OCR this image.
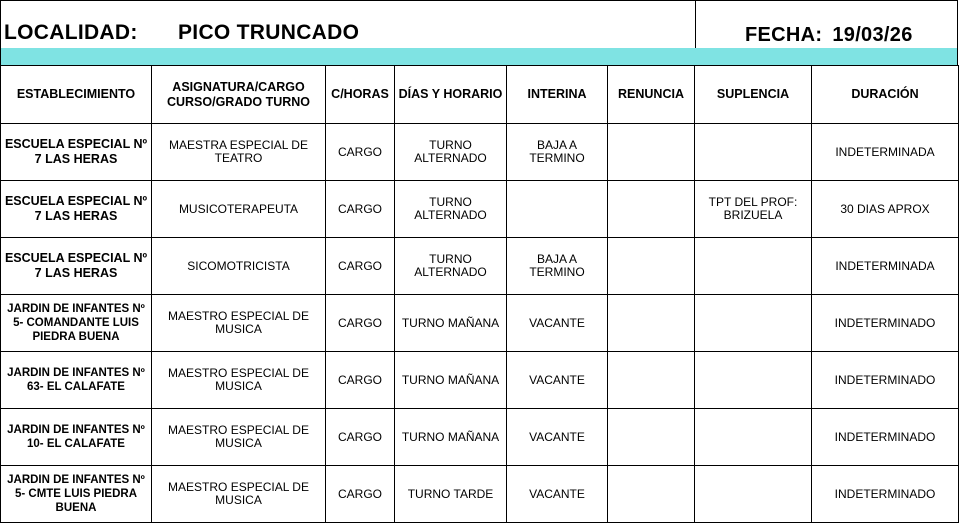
LOCALIDAD: PICO TRUNCADO	FECHA: 19/03/26
ESTABLECIMIENTO	ASIGNATURA/CARGO CURSO/GRADO TURNO	C/HORAS	DÍAS Y HORARIO	INTERINA	RENUNCIA	SUPLENCIA	DURACIÓN
ESCUELA ESPECIAL Nº 7 LAS HERAS	MAESTRA ESPECIAL DE TEATRO	CARGO	TURNO ALTERNADO	BAJA A TERMINO			INDETERMINADA
ESCUELA ESPECIAL Nº 7 LAS HERAS	MUSICOTERAPEUTA	CARGO	TURNO ALTERNADO			TPT DEL PROF: BRIZUELA	30 DIAS APROX
ESCUELA ESPECIAL Nº 7 LAS HERAS	SICOMOTRICISTA	CARGO	TURNO ALTERNADO	BAJA A TERMINO			INDETERMINADA
JARDIN DE INFANTES Nº 5- COMANDANTE LUIS PIEDRA BUENA	MAESTRO ESPECIAL DE MUSICA	CARGO	TURNO MAÑANA	VACANTE			INDETERMINADO
JARDIN DE INFANTES Nº 63- EL CALAFATE	MAESTRO ESPECIAL DE MUSICA	CARGO	TURNO MAÑANA	VACANTE			INDETERMINADO
JARDIN DE INFANTES Nº 10- EL CALAFATE	MAESTRO ESPECIAL DE MUSICA	CARGO	TURNO MAÑANA	VACANTE			INDETERMINADO
JARDIN DE INFANTES Nº 5- CMTE LUIS PIEDRA BUENA	MAESTRO ESPECIAL DE MUSICA	CARGO	TURNO TARDE	VACANTE			INDETERMINADO
